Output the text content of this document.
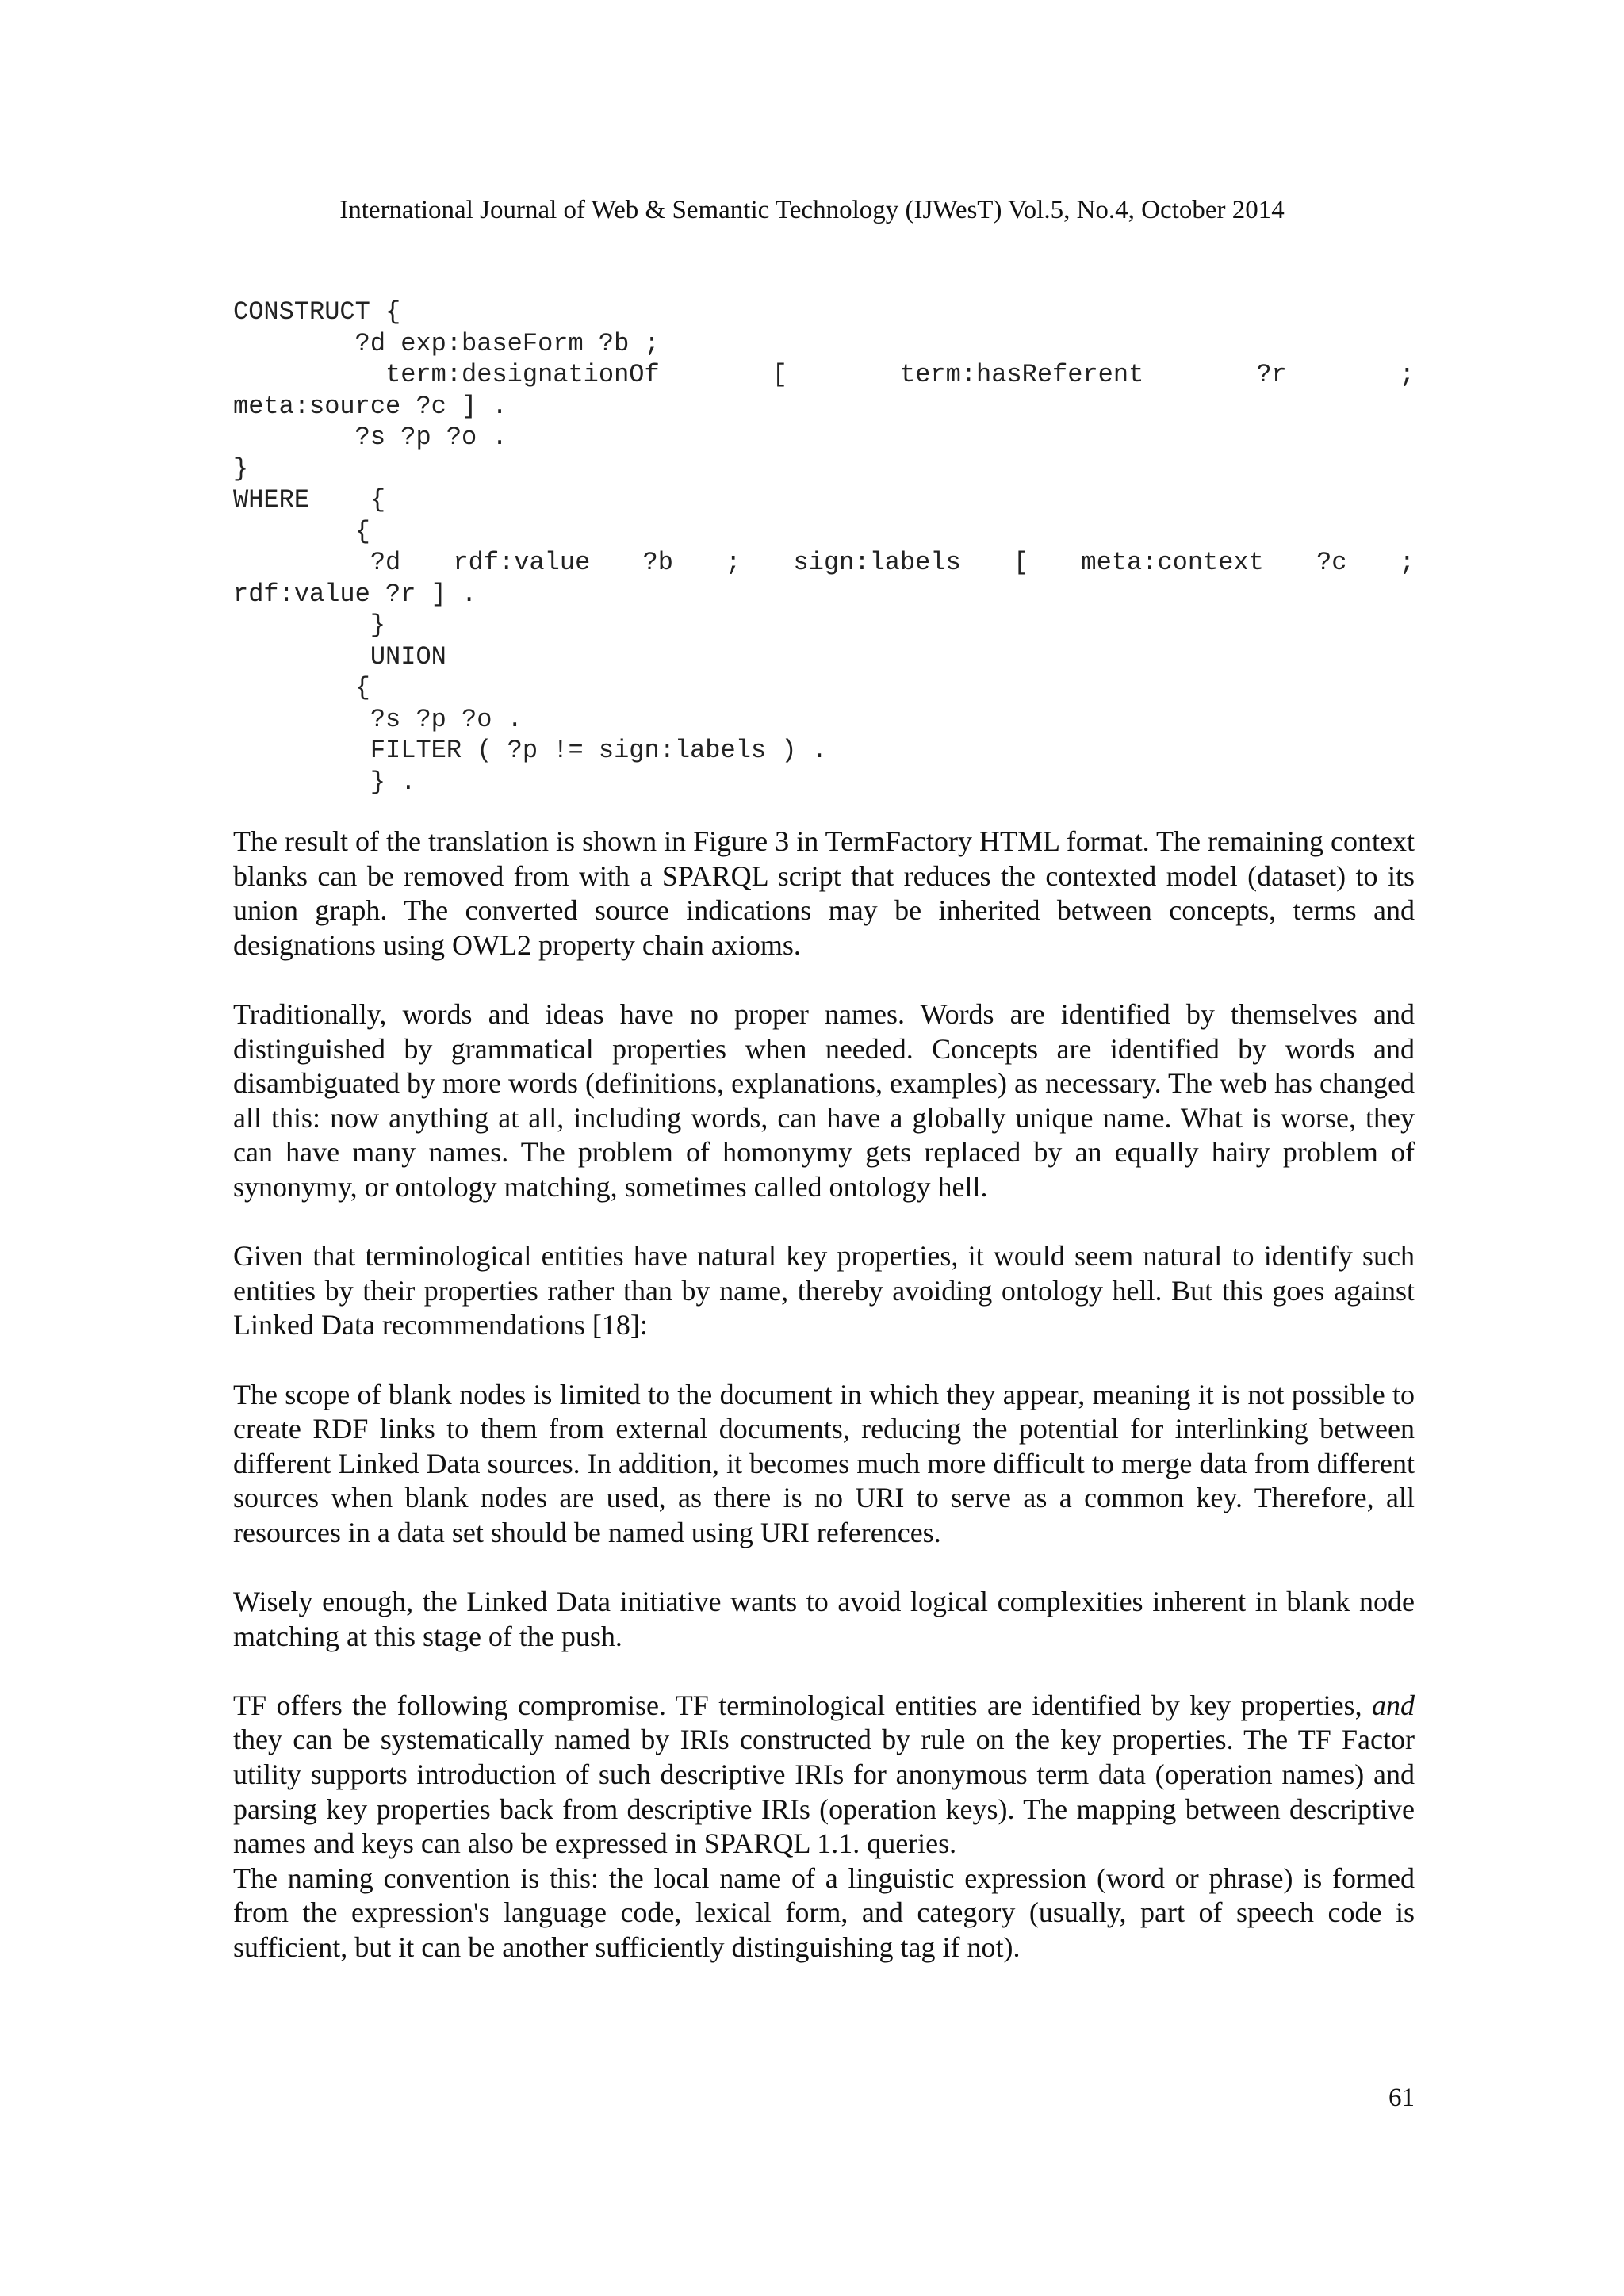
International Journal of Web & Semantic Technology (IJWesT) Vol.5, No.4, October 2014
CONSTRUCT {
?d exp:baseForm ?b ;
term:designationOf	[	term:hasReferent	?r	;
meta:source ?c ] .
?s ?p ?o .
}
WHERE    {
{
?d rdf:value ?b ; sign:labels [ meta:context ?c ;
rdf:value ?r ] .
}
UNION
{
?s ?p ?o .
FILTER ( ?p != sign:labels ) .
} .

The result of the translation is shown in Figure 3 in TermFactory HTML format. The remaining context blanks can be removed from with a SPARQL script that reduces the contexted model (dataset) to its union graph. The converted source indications may be inherited between concepts, terms and designations using OWL2 property chain axioms.

Traditionally, words and ideas have no proper names. Words are identified by themselves and distinguished by grammatical properties when needed. Concepts are identified by words and disambiguated by more words (definitions, explanations, examples) as necessary. The web has changed all this: now anything at all, including words, can have a globally unique name. What is worse, they can have many names. The problem of homonymy gets replaced by an equally hairy problem of synonymy, or ontology matching, sometimes called ontology hell.

Given that terminological entities have natural key properties, it would seem natural to identify such entities by their properties rather than by name, thereby avoiding ontology hell. But this goes against Linked Data recommendations [18]:

The scope of blank nodes is limited to the document in which they appear, meaning it is not possible to create RDF links to them from external documents, reducing the potential for interlinking between different Linked Data sources. In addition, it becomes much more difficult to merge data from different sources when blank nodes are used, as there is no URI to serve as a common key. Therefore, all resources in a data set should be named using URI references.

Wisely enough, the Linked Data initiative wants to avoid logical complexities inherent in blank node matching at this stage of the push.

TF offers the following compromise. TF terminological entities are identified by key properties, and they can be systematically named by IRIs constructed by rule on the key properties. The TF Factor utility supports introduction of such descriptive IRIs for anonymous term data (operation names) and parsing key properties back from descriptive IRIs (operation keys). The mapping between descriptive names and keys can also be expressed in SPARQL 1.1. queries.

The naming convention is this: the local name of a linguistic expression (word or phrase) is formed from the expression's language code, lexical form, and category (usually, part of speech code is sufficient, but it can be another sufficiently distinguishing tag if not).

61
